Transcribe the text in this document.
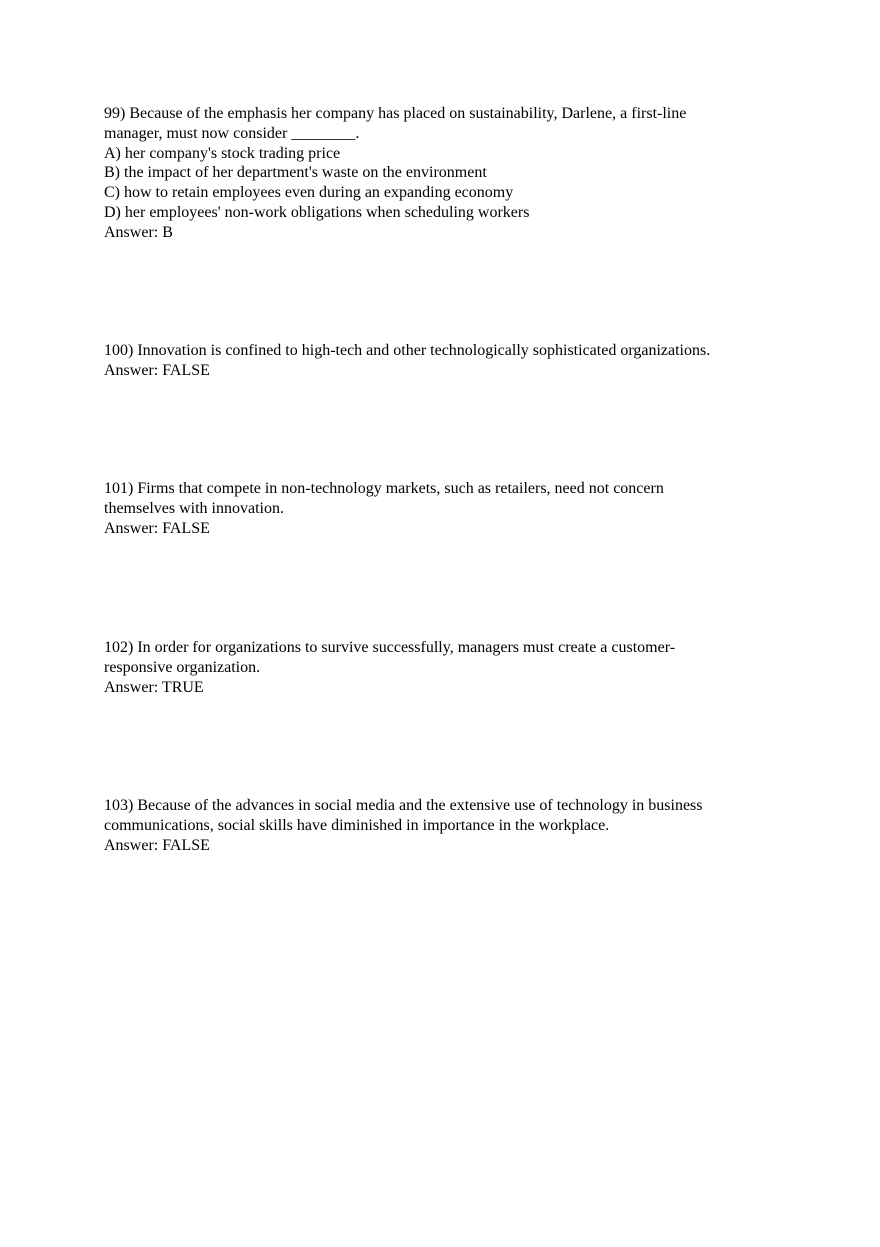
99) Because of the emphasis her company has placed on sustainability, Darlene, a first-line
manager, must now consider ________.
A) her company's stock trading price
B) the impact of her department's waste on the environment
C) how to retain employees even during an expanding economy
D) her employees' non-work obligations when scheduling workers
Answer: B
100) Innovation is confined to high-tech and other technologically sophisticated organizations.
Answer: FALSE
101) Firms that compete in non-technology markets, such as retailers, need not concern
themselves with innovation.
Answer: FALSE
102) In order for organizations to survive successfully, managers must create a customer-
responsive organization.
Answer: TRUE
103) Because of the advances in social media and the extensive use of technology in business
communications, social skills have diminished in importance in the workplace.
Answer: FALSE
